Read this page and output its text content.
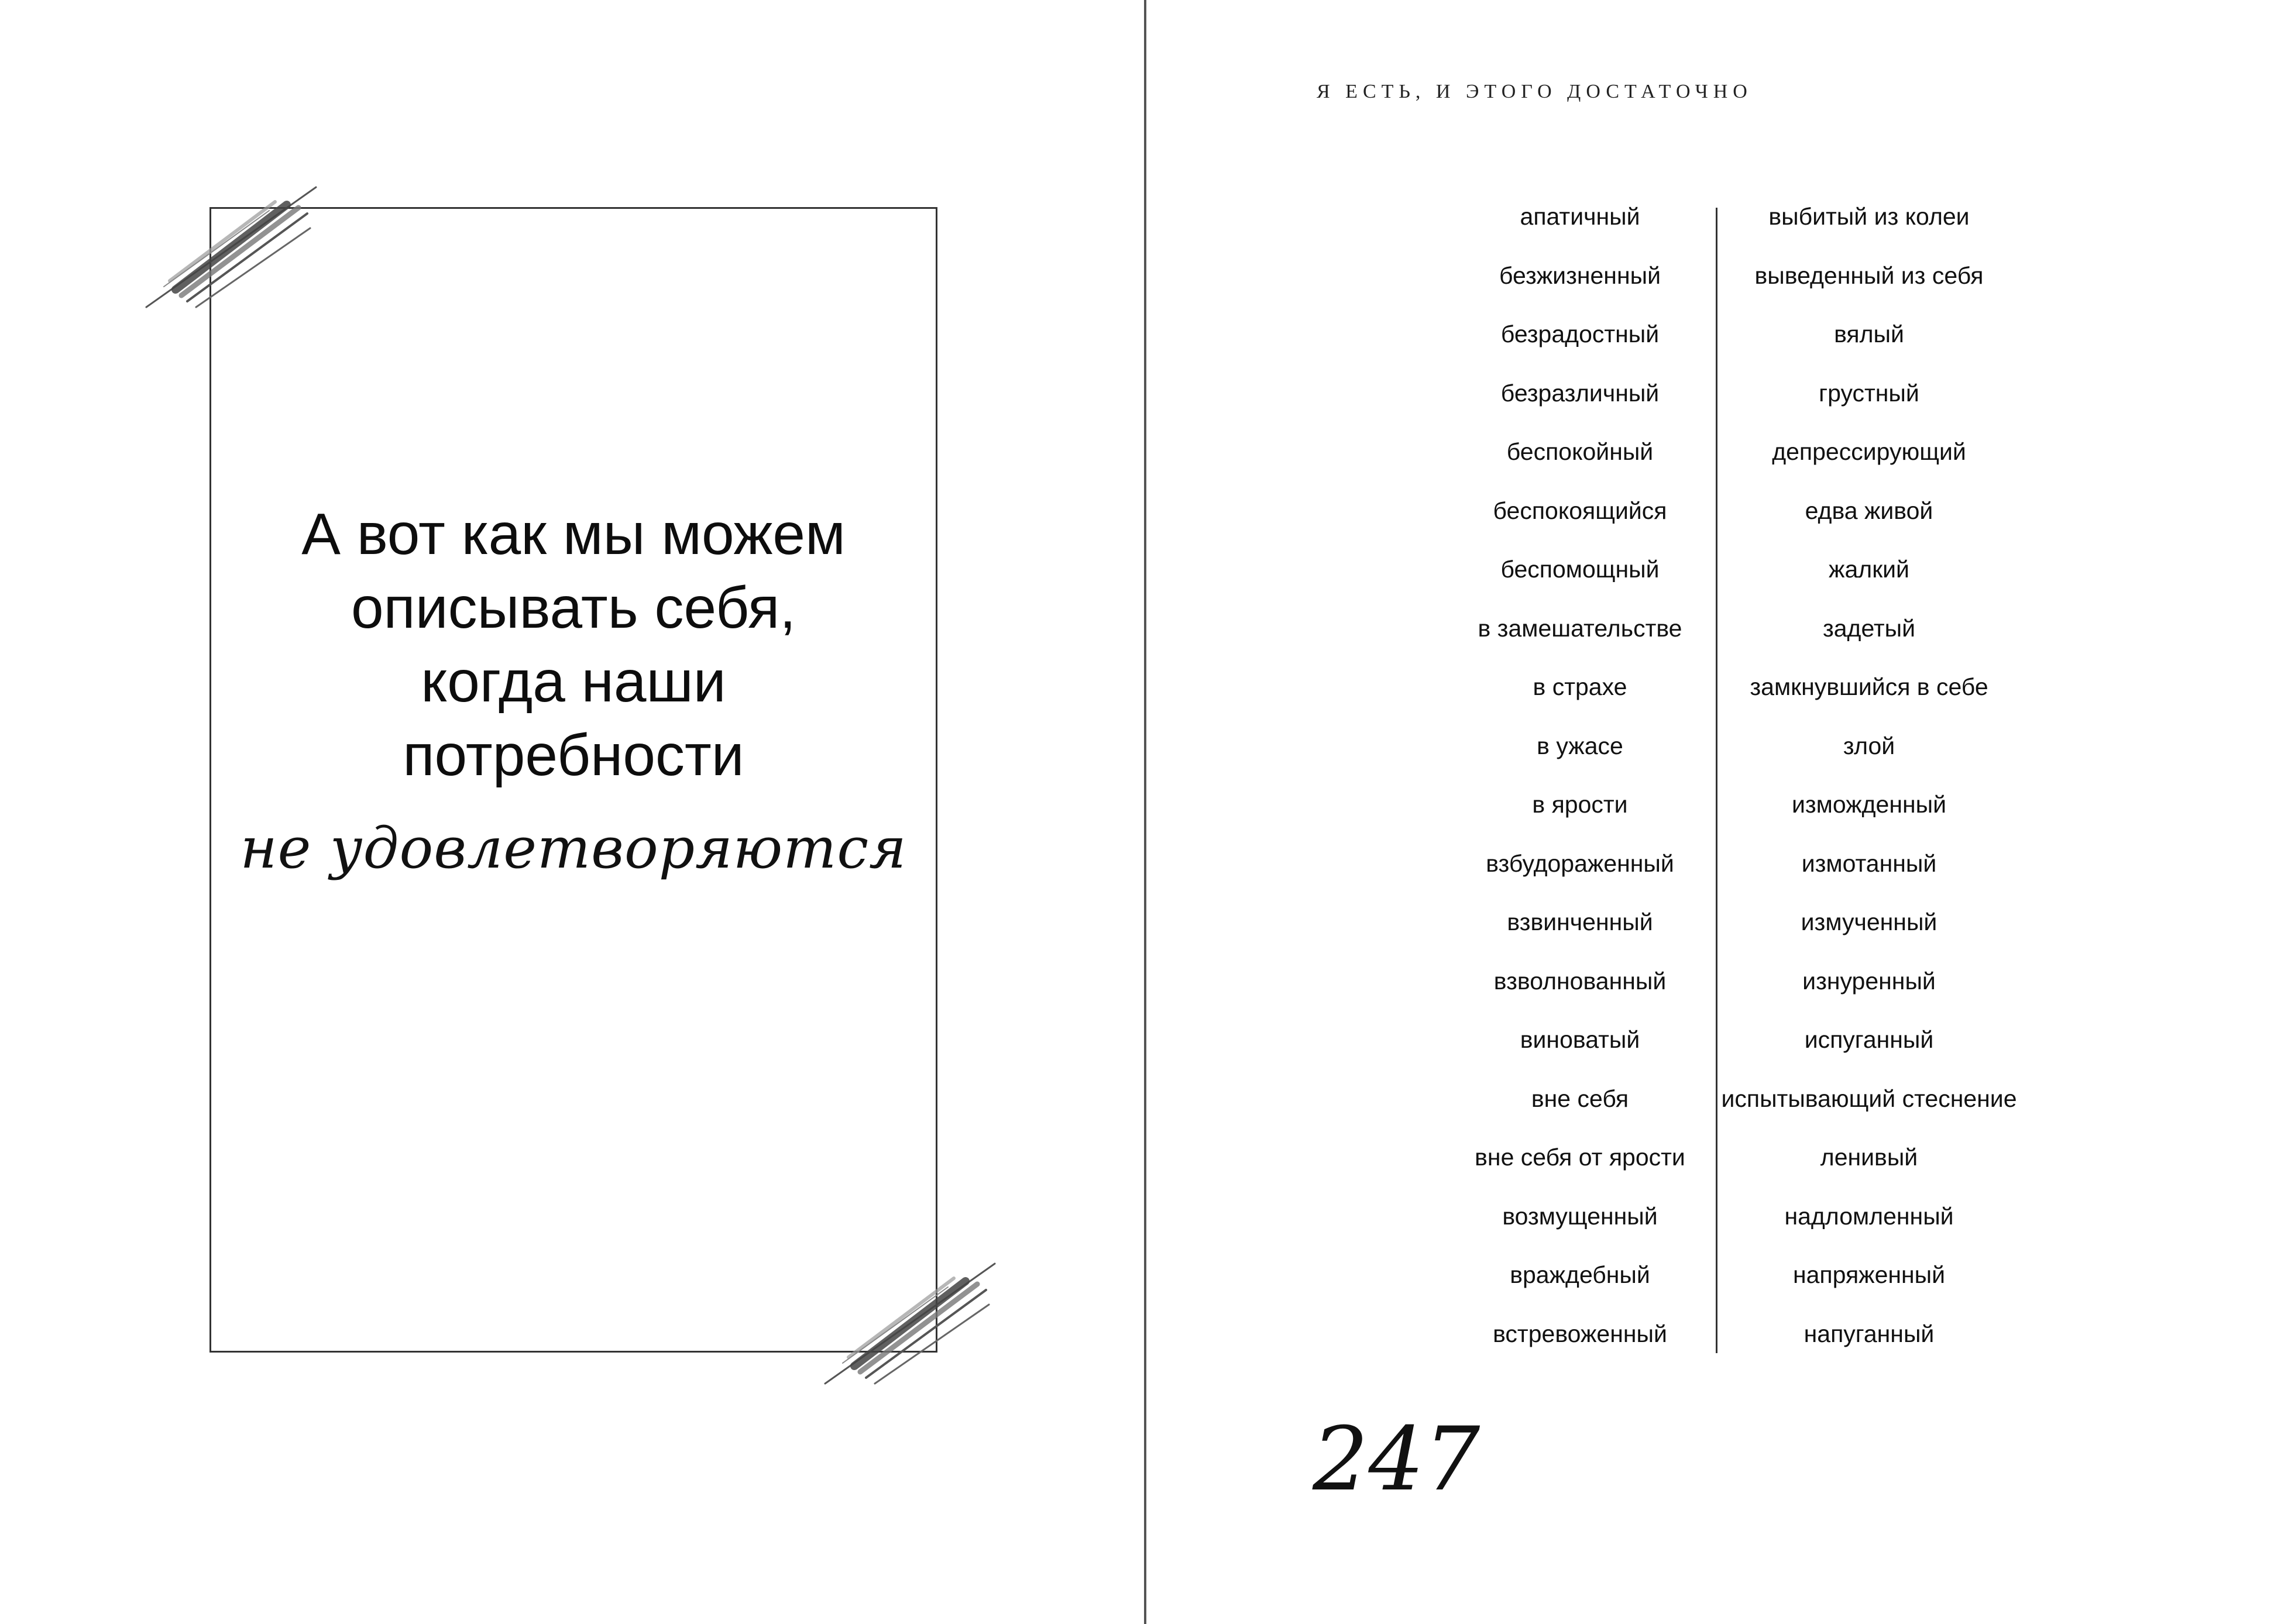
А вот как мы можем
описывать себя,
когда наши
потребности
не удовлетворяются
Я ЕСТЬ, И ЭТОГО ДОСТАТОЧНО
апатичный
безжизненный
безрадостный
безразличный
беспокойный
беспокоящийся
беспомощный
в замешательстве
в страхе
в ужасе
в ярости
взбудораженный
взвинченный
взволнованный
виноватый
вне себя
вне себя от ярости
возмущенный
враждебный
встревоженный
выбитый из колеи
выведенный из себя
вялый
грустный
депрессирующий
едва живой
жалкий
задетый
замкнувшийся в себе
злой
изможденный
измотанный
измученный
изнуренный
испуганный
испытывающий стеснение
ленивый
надломленный
напряженный
напуганный
247
